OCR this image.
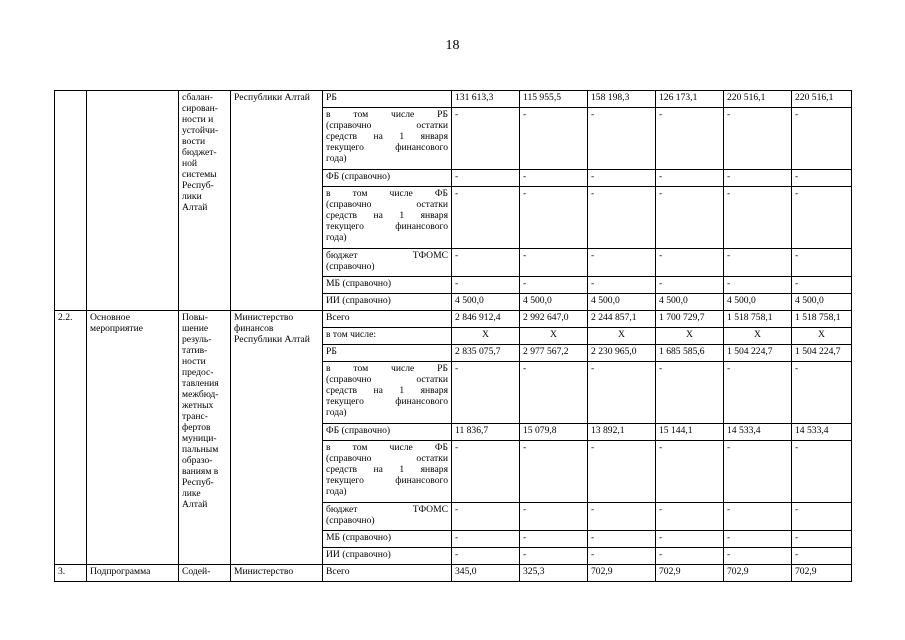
18
		сбалан-сирован-ности и устойчи-вости бюджет-ной системы Респуб-лики Алтай	Республики Алтай	РБ	131 613,3	115 955,5	158 198,3	126 173,1	220 516,1	220 516,1

				в том числе РБ
(справочно остатки
средств на 1 января
текущего финансового
года)	-	-	-	-	-	-
				ФБ (справочно)	-	-	-	-	-	-

				в том числе ФБ
(справочно остатки
средств на 1 января
текущего финансового
года)	-	-	-	-	-	-

				бюджет ТФОМС
(справочно)	-	-	-	-	-	-
				МБ (справочно)	-	-	-	-	-	-
				ИИ (справочно)	4 500,0	4 500,0	4 500,0	4 500,0	4 500,0	4 500,0
2.2.	Основное мероприятие	Повы-шение резуль-татив-ности предос-тавления межбюд-жетных транс-фертов муници-пальным образо-ваниям в Респуб-лике Алтай	Министерство финансов Республики Алтай	Всего	2 846 912,4	2 992 647,0	2 244 857,1	1 700 729,7	1 518 758,1	1 518 758,1
				в том числе:	X	X	X	X	X	X
				РБ	2 835 075,7	2 977 567,2	2 230 965,0	1 685 585,6	1 504 224,7	1 504 224,7

				в том числе РБ
(справочно остатки
средств на 1 января
текущего финансового
года)	-	-	-	-	-	-
				ФБ (справочно)	11 836,7	15 079,8	13 892,1	15 144,1	14 533,4	14 533,4

				в том числе ФБ
(справочно остатки
средств на 1 января
текущего финансового
года)	-	-	-	-	-	-

				бюджет ТФОМС
(справочно)	-	-	-	-	-	-
				МБ (справочно)	-	-	-	-	-	-
				ИИ (справочно)	-	-	-	-	-	-
3.	Подпрограмма	Содей-	Министерство	Всего	345,0	325,3	702,9	702,9	702,9	702,9
